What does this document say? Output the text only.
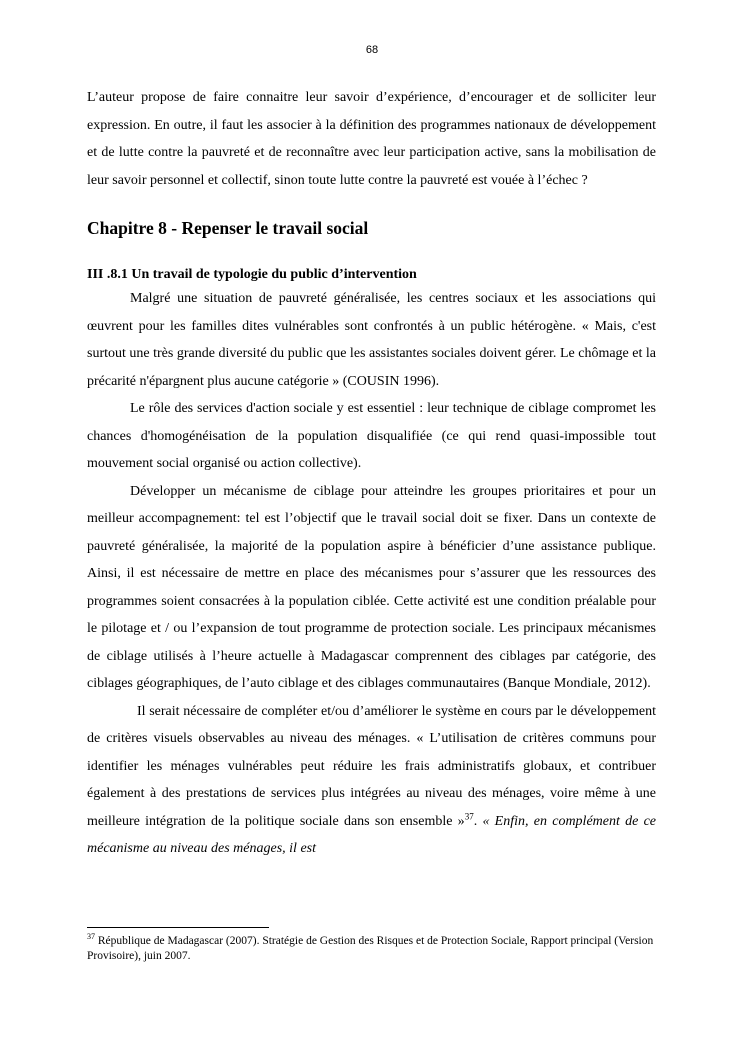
68

L’auteur propose de faire connaitre leur savoir d’expérience, d’encourager et de solliciter leur expression. En outre, il faut les associer à la définition des programmes nationaux de développement et de lutte contre la pauvreté et de reconnaître avec leur participation active, sans la mobilisation de leur savoir personnel et collectif, sinon toute lutte contre la pauvreté est vouée à l’échec ?

Chapitre 8 - Repenser le travail social
III .8.1 Un travail de typologie du public d’intervention

Malgré une situation de pauvreté généralisée, les centres sociaux et les associations qui œuvrent pour les familles dites vulnérables sont confrontés à un public hétérogène. « Mais, c'est surtout une très grande diversité du public que les assistantes sociales doivent gérer. Le chômage et la précarité n'épargnent plus aucune catégorie » (COUSIN 1996).

Le rôle des services d'action sociale y est essentiel : leur technique de ciblage compromet les chances d'homogénéisation de la population disqualifiée (ce qui rend quasi-impossible tout mouvement social organisé ou action collective).

Développer un mécanisme de ciblage pour atteindre les groupes prioritaires et pour un meilleur accompagnement: tel est l’objectif que le travail social doit se fixer. Dans un contexte de pauvreté généralisée, la majorité de la population aspire à bénéficier d’une assistance publique. Ainsi, il est nécessaire de mettre en place des mécanismes pour s’assurer que les ressources des programmes soient consacrées à la population ciblée. Cette activité est une condition préalable pour le pilotage et / ou l’expansion de tout programme de protection sociale. Les principaux mécanismes de ciblage utilisés à l’heure actuelle à Madagascar comprennent des ciblages par catégorie, des ciblages géographiques, de l’auto ciblage et des ciblages communautaires (Banque Mondiale, 2012).

Il serait nécessaire de compléter et/ou d’améliorer le système en cours par le développement de critères visuels observables au niveau des ménages. « L’utilisation de critères communs pour identifier les ménages vulnérables peut réduire les frais administratifs globaux, et contribuer également à des prestations de services plus intégrées au niveau des ménages, voire même à une meilleure intégration de la politique sociale dans son ensemble »$^{37}$. « Enfin, en complément de ce mécanisme au niveau des ménages, il est

$^{37}$ République de Madagascar (2007). Stratégie de Gestion des Risques et de Protection Sociale, Rapport principal (Version Provisoire), juin 2007.
